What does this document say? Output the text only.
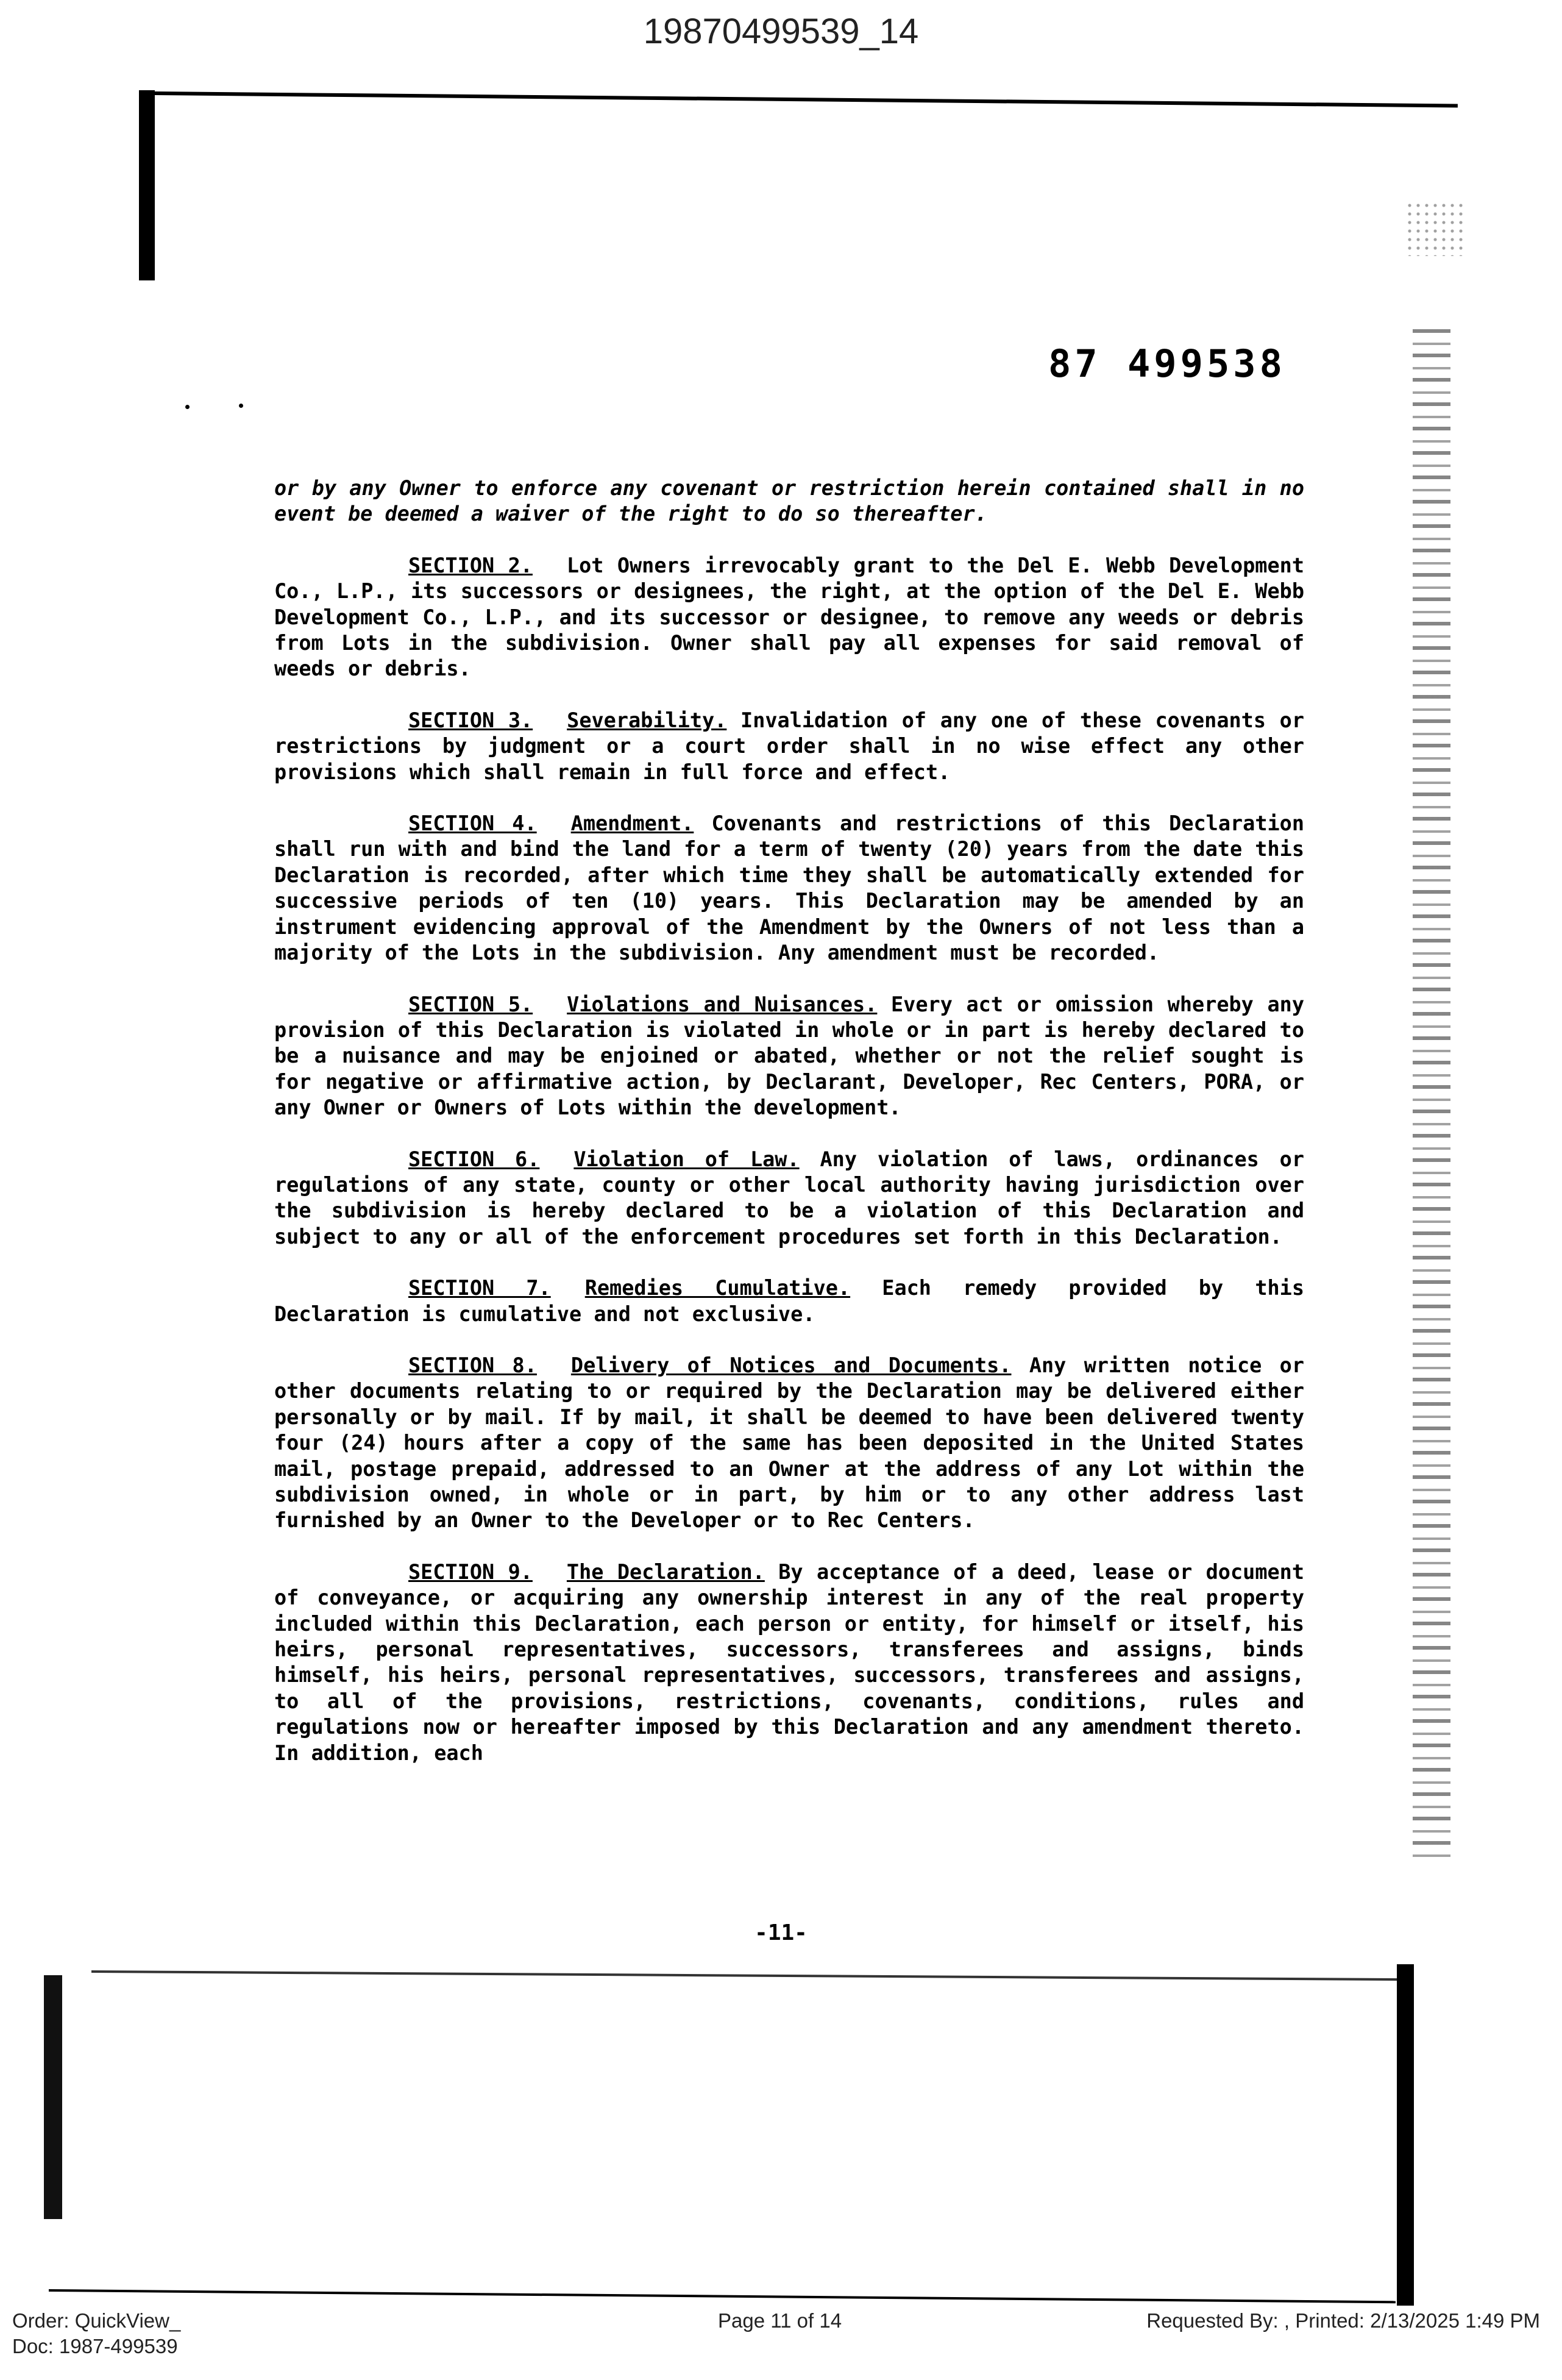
19870499539_14
87 499538

or by any Owner to enforce any covenant or restriction herein contained shall in no event be deemed a waiver of the right to do so thereafter.

SECTION 2. Lot Owners irrevocably grant to the Del E. Webb Development Co., L.P., its successors or designees, the right, at the option of the Del E. Webb Development Co., L.P., and its successor or designee, to remove any weeds or debris from Lots in the subdivision. Owner shall pay all expenses for said removal of weeds or debris.

SECTION 3. Severability. Invalidation of any one of these covenants or restrictions by judgment or a court order shall in no wise effect any other provisions which shall remain in full force and effect.

SECTION 4. Amendment. Covenants and restrictions of this Declaration shall run with and bind the land for a term of twenty (20) years from the date this Declaration is recorded, after which time they shall be automatically extended for successive periods of ten (10) years. This Declaration may be amended by an instrument evidencing approval of the Amendment by the Owners of not less than a majority of the Lots in the subdivision. Any amendment must be recorded.

SECTION 5. Violations and Nuisances. Every act or omission whereby any provision of this Declaration is violated in whole or in part is hereby declared to be a nuisance and may be enjoined or abated, whether or not the relief sought is for negative or affirmative action, by Declarant, Developer, Rec Centers, PORA, or any Owner or Owners of Lots within the development.

SECTION 6. Violation of Law. Any violation of laws, ordinances or regulations of any state, county or other local authority having jurisdiction over the subdivision is hereby declared to be a violation of this Declaration and subject to any or all of the enforcement procedures set forth in this Declaration.

SECTION 7. Remedies Cumulative. Each remedy provided by this Declaration is cumulative and not exclusive.

SECTION 8. Delivery of Notices and Documents. Any written notice or other documents relating to or required by the Declaration may be delivered either personally or by mail. If by mail, it shall be deemed to have been delivered twenty four (24) hours after a copy of the same has been deposited in the United States mail, postage prepaid, addressed to an Owner at the address of any Lot within the subdivision owned, in whole or in part, by him or to any other address last furnished by an Owner to the Developer or to Rec Centers.

SECTION 9. The Declaration. By acceptance of a deed, lease or document of conveyance, or acquiring any ownership interest in any of the real property included within this Declaration, each person or entity, for himself or itself, his heirs, personal representatives, successors, transferees and assigns, binds himself, his heirs, personal representatives, successors, transferees and assigns, to all of the provisions, restrictions, covenants, conditions, rules and regulations now or hereafter imposed by this Declaration and any amendment thereto. In addition, each

-11-
Order: QuickView_
Doc: 1987-499539
Page 11 of 14	Requested By: , Printed: 2/13/2025 1:49 PM
